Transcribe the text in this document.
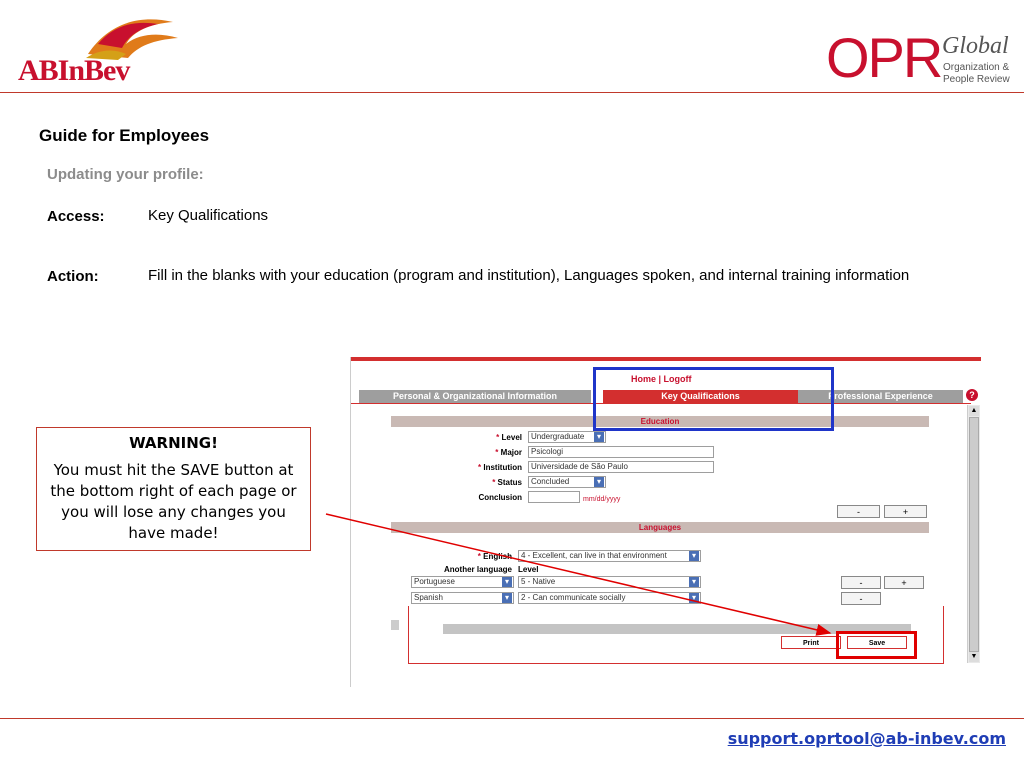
ABInBev	OPR Global
Organization & People Review
Guide for Employees
Updating your profile:
Access:	Key Qualifications
Action:	Fill in the blanks with your education (program and institution), Languages spoken, and internal training information
Home | Logoff
Personal & Organizational Information	Key Qualifications	Professional Experience	?
Education
* Level	Undergraduate ▾
* Major	Psicologi
* Institution	Universidade de São Paulo
* Status	Concluded ▾
Conclusion	mm/dd/yyyy
-	+
Languages
* English	4 - Excellent, can live in that environment ▾
Another language Level
Portuguese ▾	5 - Native ▾	-	+
Spanish ▾	2 - Can communicate socially ▾	-
Print	Save
▲
▼
WARNING!
You must hit the SAVE button at the bottom right of each page or you will lose any changes you have made!
support.oprtool@ab-inbev.com
